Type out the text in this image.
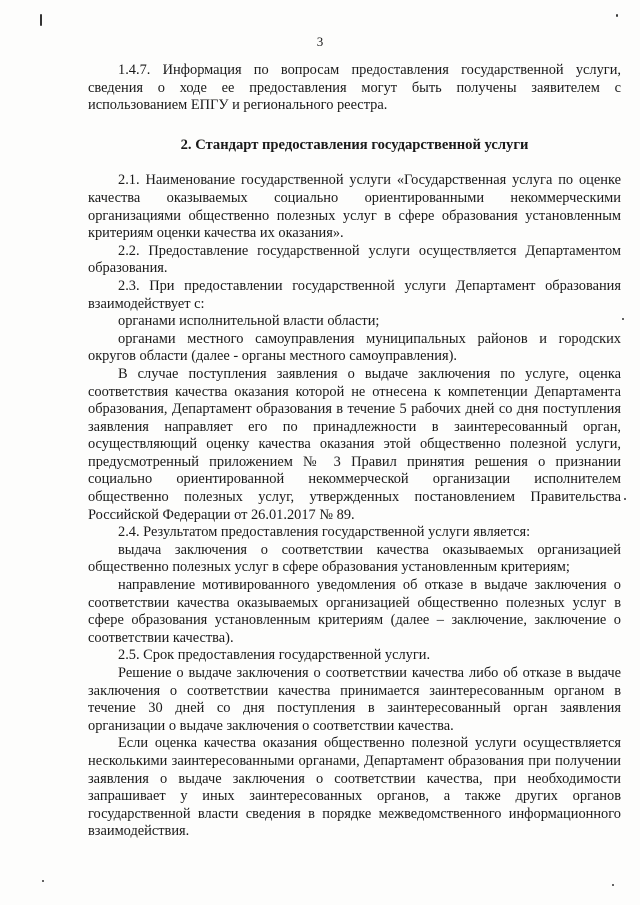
3

1.4.7. Информация по вопросам предоставления государственной услуги, сведения о ходе ее предоставления могут быть получены заявителем с использованием ЕПГУ и регионального реестра.

2. Стандарт предоставления государственной услуги

2.1. Наименование государственной услуги «Государственная услуга по оценке качества оказываемых социально ориентированными некоммерческими организациями общественно полезных услуг в сфере образования установленным критериям оценки качества их оказания».

2.2. Предоставление государственной услуги осуществляется Департаментом образования.

2.3. При предоставлении государственной услуги Департамент образования взаимодействует с:

органами исполнительной власти области;

органами местного самоуправления муниципальных районов и городских округов области (далее - органы местного самоуправления).

В случае поступления заявления о выдаче заключения по услуге, оценка соответствия качества оказания которой не отнесена к компетенции Департамента образования, Департамент образования в течение 5 рабочих дней со дня поступления заявления направляет его по принадлежности в заинтересованный орган, осуществляющий оценку качества оказания этой общественно полезной услуги, предусмотренный приложением № 3 Правил принятия решения о признании социально ориентированной некоммерческой организации исполнителем общественно полезных услуг, утвержденных постановлением Правительства Российской Федерации от 26.01.2017 № 89.

2.4. Результатом предоставления государственной услуги является:

выдача заключения о соответствии качества оказываемых организацией общественно полезных услуг в сфере образования установленным критериям;

направление мотивированного уведомления об отказе в выдаче заключения о соответствии качества оказываемых организацией общественно полезных услуг в сфере образования установленным критериям (далее – заключение, заключение о соответствии качества).

2.5. Срок предоставления государственной услуги.

Решение о выдаче заключения о соответствии качества либо об отказе в выдаче заключения о соответствии качества принимается заинтересованным органом в течение 30 дней со дня поступления в заинтересованный орган заявления организации о выдаче заключения о соответствии качества.

Если оценка качества оказания общественно полезной услуги осуществляется несколькими заинтересованными органами, Департамент образования при получении заявления о выдаче заключения о соответствии качества, при необходимости запрашивает у иных заинтересованных органов, а также других органов государственной власти сведения в порядке межведомственного информационного взаимодействия.
